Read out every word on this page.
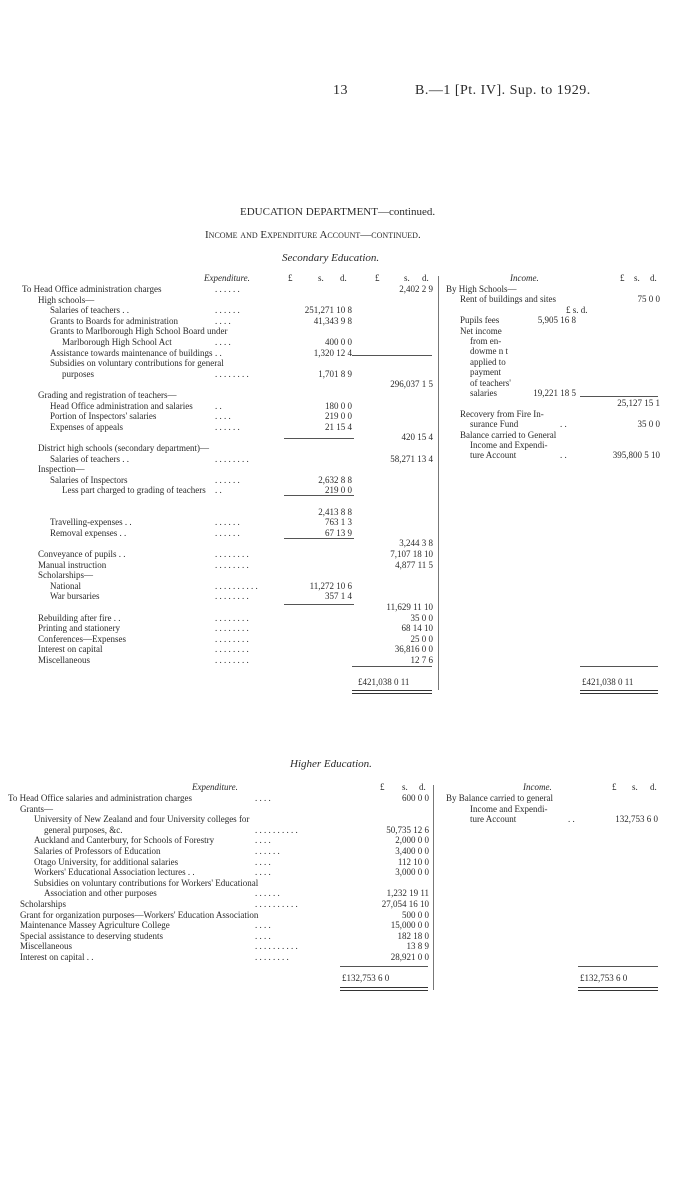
13	B.—1 [Pt. IV]. Sup. to 1929.
EDUCATION DEPARTMENT—continued.
Income and Expenditure Account—continued.
Secondary Education.
Expenditure.	£	s. d.	£	s. d.	Income.	£ s. d.
To Head Office administration charges	. . . . . .	2,402 2 9
High schools—
Salaries of teachers . .	. . . . . .	251,271 10 8
Grants to Boards for administration	. . . .	41,343 9 8
Grants to Marlborough High School Board under
Marlborough High School Act	. . . .	400 0 0
Assistance towards maintenance of buildings . .	1,320 12 4
Subsidies on voluntary contributions for general
purposes	. . . . . . . .	1,701 8 9
296,037 1 5
Grading and registration of teachers—
Head Office administration and salaries . .	180 0 0
Portion of Inspectors' salaries	. . . .	219 0 0
Expenses of appeals	. . . . . .	21 15 4
420 15 4
District high schools (secondary department)—
Salaries of teachers . .	. . . . . . . .	58,271 13 4
Inspection—
Salaries of Inspectors	. . . . . .	2,632 8 8
Less part charged to grading of teachers . .	219 0 0
2,413 8 8
Travelling-expenses . .	. . . . . .	763 1 3
Removal expenses . .	. . . . . .	67 13 9
3,244 3 8
Conveyance of pupils . .	. . . . . . . .	7,107 18 10
Manual instruction	. . . . . . . .	4,877 11 5
Scholarships—
National	. . . . . . . . . .	11,272 10 6
War bursaries	. . . . . . . .	357 1 4
11,629 11 10
Rebuilding after fire . .	. . . . . . . .	35 0 0
Printing and stationery	. . . . . . . .	68 14 10
Conferences—Expenses	. . . . . . . .	25 0 0
Interest on capital	. . . . . . . .	36,816 0 0
Miscellaneous	. . . . . . . .	12 7 6
By High Schools—
Rent of buildings and sites	75 0 0
£ s. d.
Pupils fees	5,905 16 8
Net income
from en-
dowme n t
applied to
payment
of teachers'
salaries	19,221 18 5
25,127 15 1
Recovery from Fire In-
surance Fund	. .	35 0 0
Balance carried to General
Income and Expendi-
ture Account	. .	395,800 5 10
£421,038 0 11	£421,038 0 11
Higher Education.
Expenditure.	£ s. d.	Income.	£ s. d.
To Head Office salaries and administration charges	. . . .	600 0 0
Grants—
University of New Zealand and four University colleges for
general purposes, &c.	. . . . . . . . . .	50,735 12 6
Auckland and Canterbury, for Schools of Forestry	. . . .	2,000 0 0
Salaries of Professors of Education	. . . . . .	3,400 0 0
Otago University, for additional salaries	. . . .	112 10 0
Workers' Educational Association lectures . .	. . . .	3,000 0 0
Subsidies on voluntary contributions for Workers' Educational
Association and other purposes	. . . . . .	1,232 19 11
Scholarships	. . . . . . . . . .	27,054 16 10
Grant for organization purposes—Workers' Education Association	500 0 0
Maintenance Massey Agriculture College	. . . .	15,000 0 0
Special assistance to deserving students	. . . .	182 18 0
Miscellaneous	. . . . . . . . . .	13 8 9
Interest on capital . .	. . . . . . . .	28,921 0 0
By Balance carried to general
Income and Expendi-
ture Account	. .	132,753 6 0
£132,753 6 0	£132,753 6 0
